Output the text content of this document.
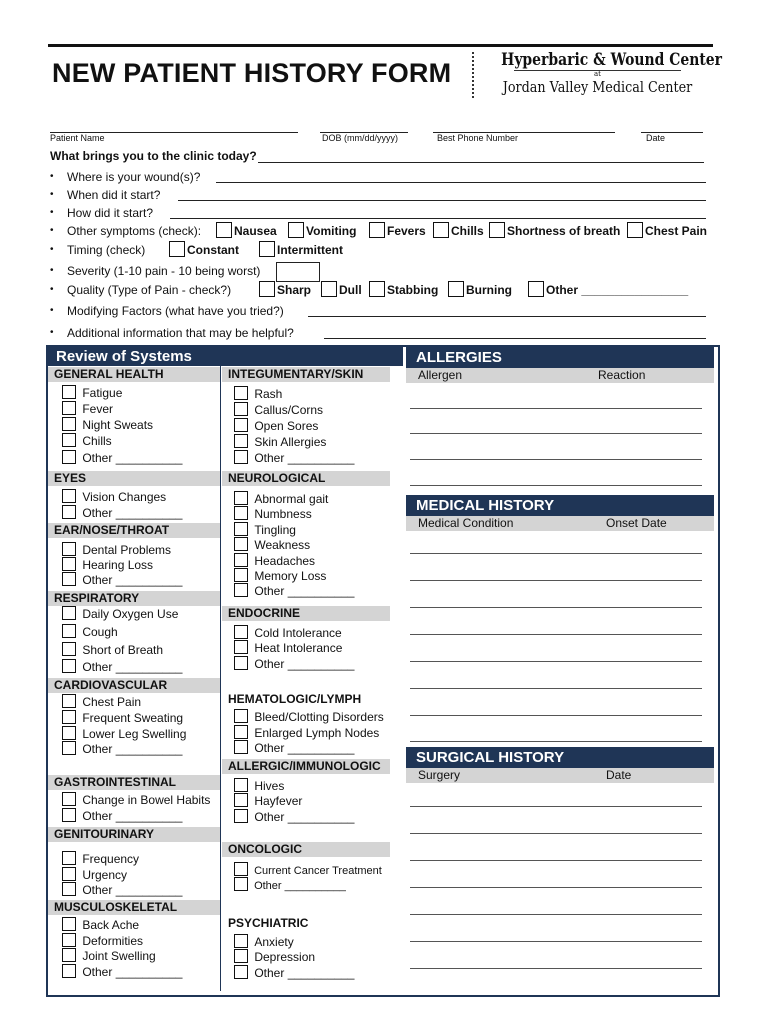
NEW PATIENT HISTORY FORM	Hyperbaric & Wound Center
at
Jordan Valley Medical Center
Patient Name	DOB (mm/dd/yyyy)	Best Phone Number	Date
What brings you to the clinic today?
• Where is your wound(s)?
• When did it start?
• How did it start?
• Other symptoms (check):	Nausea	Vomiting	Fevers	Chills	Shortness of breath	Chest Pain
• Timing (check)	Constant	Intermittent
• Severity (1-10 pain - 10 being worst)
• Quality (Type of Pain - check?)	Sharp	Dull	Stabbing	Burning	Other ________________
• Modifying Factors (what have you tried?)
• Additional information that may be helpful?
Review of Systems
GENERAL HEALTH
Fatigue
Fever
Night Sweats
Chills
Other __________
EYES
Vision Changes
Other __________
EAR/NOSE/THROAT
Dental Problems
Hearing Loss
Other __________
RESPIRATORY
Daily Oxygen Use
Cough
Short of Breath
Other __________
CARDIOVASCULAR
Chest Pain
Frequent Sweating
Lower Leg Swelling
Other __________
GASTROINTESTINAL
Change in Bowel Habits
Other __________
GENITOURINARY
Frequency
Urgency
Other __________
MUSCULOSKELETAL
Back Ache
Deformities
Joint Swelling
Other __________
INTEGUMENTARY/SKIN
Rash
Callus/Corns
Open Sores
Skin Allergies
Other __________
NEUROLOGICAL
Abnormal gait
Numbness
Tingling
Weakness
Headaches
Memory Loss
Other __________
ENDOCRINE
Cold Intolerance
Heat Intolerance
Other __________
HEMATOLOGIC/LYMPH
Bleed/Clotting Disorders
Enlarged Lymph Nodes
Other __________
ALLERGIC/IMMUNOLOGIC
Hives
Hayfever
Other __________
ONCOLOGIC
Current Cancer Treatment
Other __________
PSYCHIATRIC
Anxiety
Depression
Other __________
ALLERGIES
Allergen	Reaction
MEDICAL HISTORY
Medical Condition	Onset Date
SURGICAL HISTORY
Surgery	Date
